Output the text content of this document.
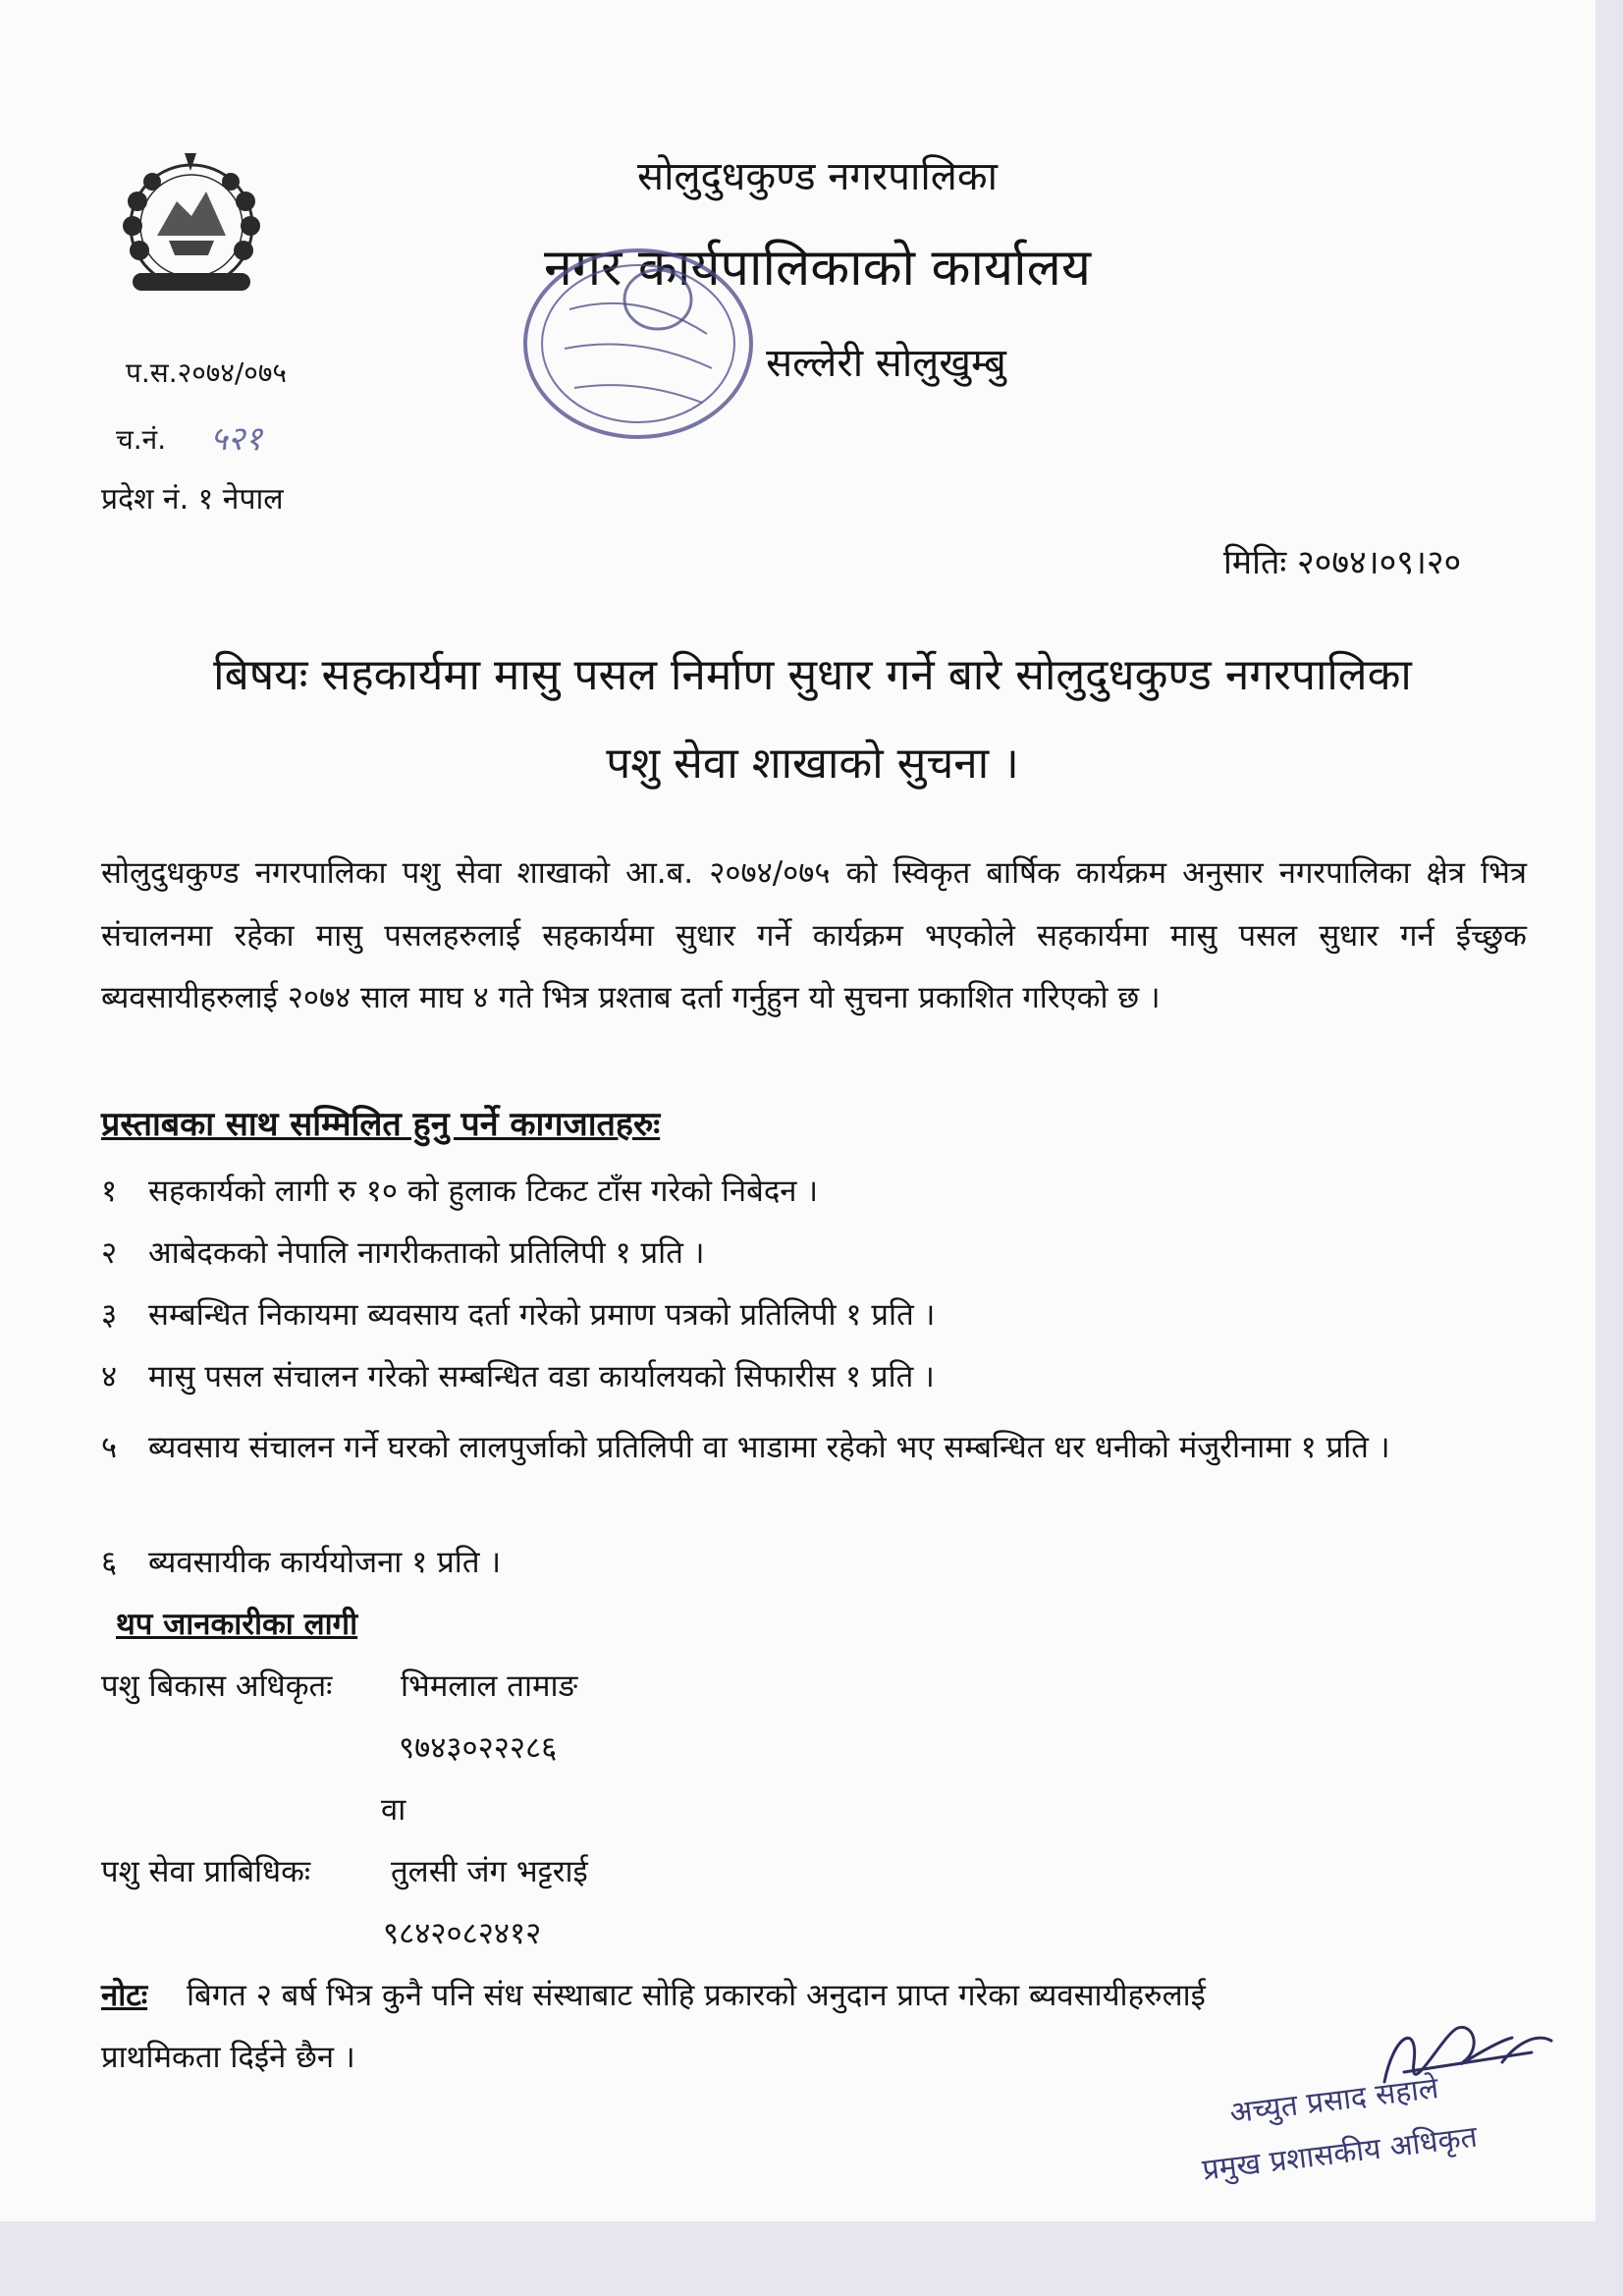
सोलुदुधकुण्ड नगरपालिका
नगर कार्यपालिकाको कार्यालय
सल्लेरी सोलुखुम्बु
प.स.२०७४/०७५
च.नं. ५२१
प्रदेश नं. १ नेपाल
मितिः २०७४।०९।२०
बिषयः सहकार्यमा मासु पसल निर्माण सुधार गर्ने बारे सोलुदुधकुण्ड नगरपालिका
पशु सेवा शाखाको सुचना ।
सोलुदुधकुण्ड नगरपालिका पशु सेवा शाखाको आ.ब. २०७४/०७५ को स्विकृत बार्षिक कार्यक्रम अनुसार नगरपालिका क्षेत्र भित्र संचालनमा रहेका मासु पसलहरुलाई सहकार्यमा सुधार गर्ने कार्यक्रम भएकोले सहकार्यमा मासु पसल सुधार गर्न ईच्छुक ब्यवसायीहरुलाई २०७४ साल माघ ४ गते भित्र प्रश्ताब दर्ता गर्नुहुन यो सुचना प्रकाशित गरिएको छ ।
प्रस्ताबका साथ सम्मिलित हुनु पर्ने कागजातहरुः
१ सहकार्यको लागी रु १० को हुलाक टिकट टाँस गरेको निबेदन ।
२ आबेदकको नेपालि नागरीकताको प्रतिलिपी १ प्रति ।
३ सम्बन्धित निकायमा ब्यवसाय दर्ता गरेको प्रमाण पत्रको प्रतिलिपी १ प्रति ।
४ मासु पसल संचालन गरेको सम्बन्धित वडा कार्यालयको सिफारीस १ प्रति ।
५ ब्यवसाय संचालन गर्ने घरको लालपुर्जाको प्रतिलिपी वा भाडामा रहेको भए सम्बन्धित धर धनीको मंजुरीनामा १ प्रति ।
६ ब्यवसायीक कार्ययोजना १ प्रति ।
थप जानकारीका लागी
पशु बिकास अधिकृतः भिमलाल तामाङ
९७४३०२२२८६
वा
पशु सेवा प्राबिधिकः	तुलसी जंग भट्टराई
९८४२०८२४१२
नोटः बिगत २ बर्ष भित्र कुनै पनि संध संस्थाबाट सोहि प्रकारको अनुदान प्राप्त गरेका ब्यवसायीहरुलाई
प्राथमिकता दिईने छैन ।
अच्युत प्रसाद सहाले
प्रमुख प्रशासकीय अधिकृत
